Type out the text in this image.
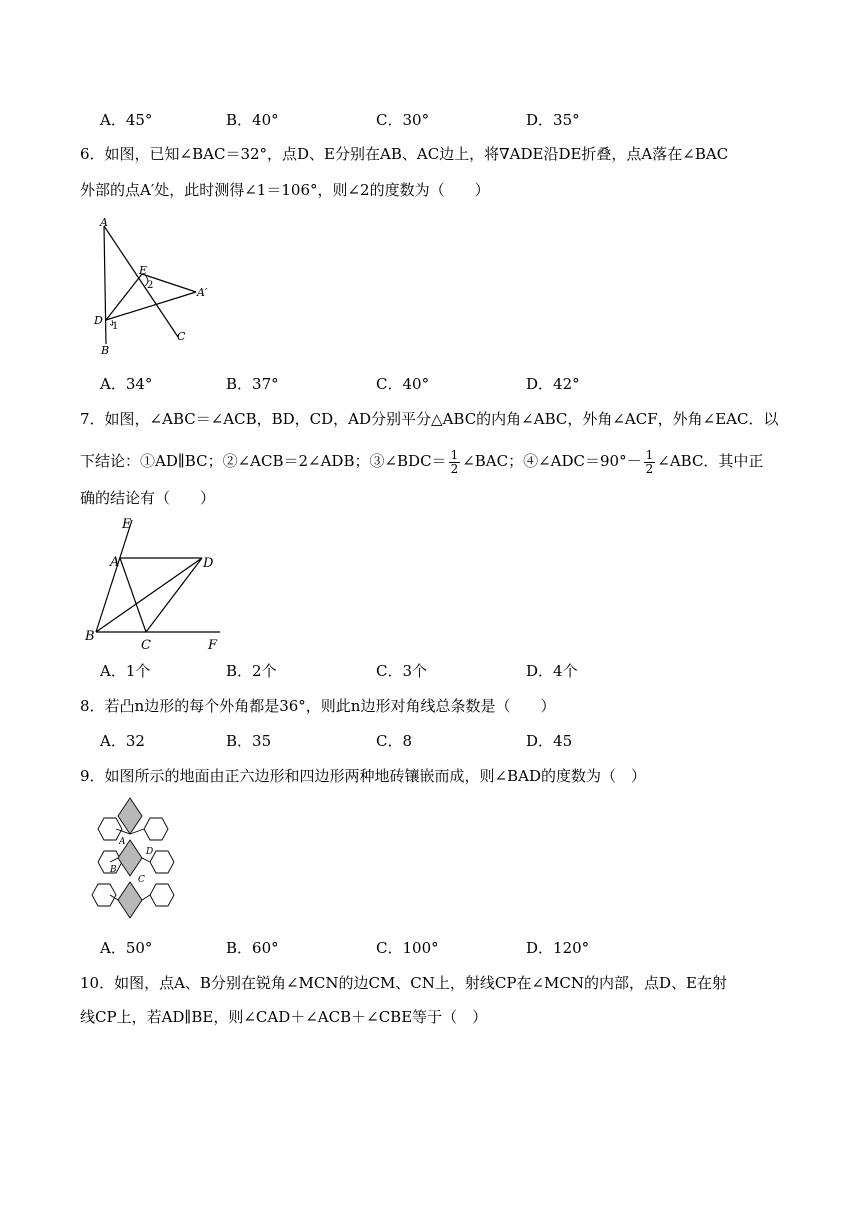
A．45°	B．40°	C．30°	D．35°
6．如图，已知∠BAC＝32°，点D、E分别在AB、AC边上，将∇ADE沿DE折叠，点A落在∠BAC
外部的点A′处，此时测得∠1＝106°，则∠2的度数为（　　）
A
E
2
A′
D 1
B
C
A．34°	B．37°	C．40°	D．42°
7．如图，∠ABC＝∠ACB，BD，CD，AD分别平分△ABC的内角∠ABC，外角∠ACF，外角∠EAC．以
下结论：①AD∥BC；②∠ACB＝2∠ADB；③∠BDC＝ $\frac{1}{2}$ ∠BAC；④∠ADC＝90°－ $\frac{1}{2}$ ∠ABC．其中正
确的结论有（　　）
E
A	D
B
C	F
A．1个	B．2个	C．3个	D．4个
8．若凸n边形的每个外角都是36°，则此n边形对角线总条数是（　　）
A．32	B．35	C．8	D．45
9．如图所示的地面由正六边形和四边形两种地砖镶嵌而成，则∠BAD的度数为（　）
A
D
B
C
A．50°	B．60°	C．100°	D．120°
10．如图，点A、B分别在锐角∠MCN的边CM、CN上，射线CP在∠MCN的内部，点D、E在射
线CP上，若AD∥BE，则∠CAD＋∠ACB＋∠CBE等于（　）
